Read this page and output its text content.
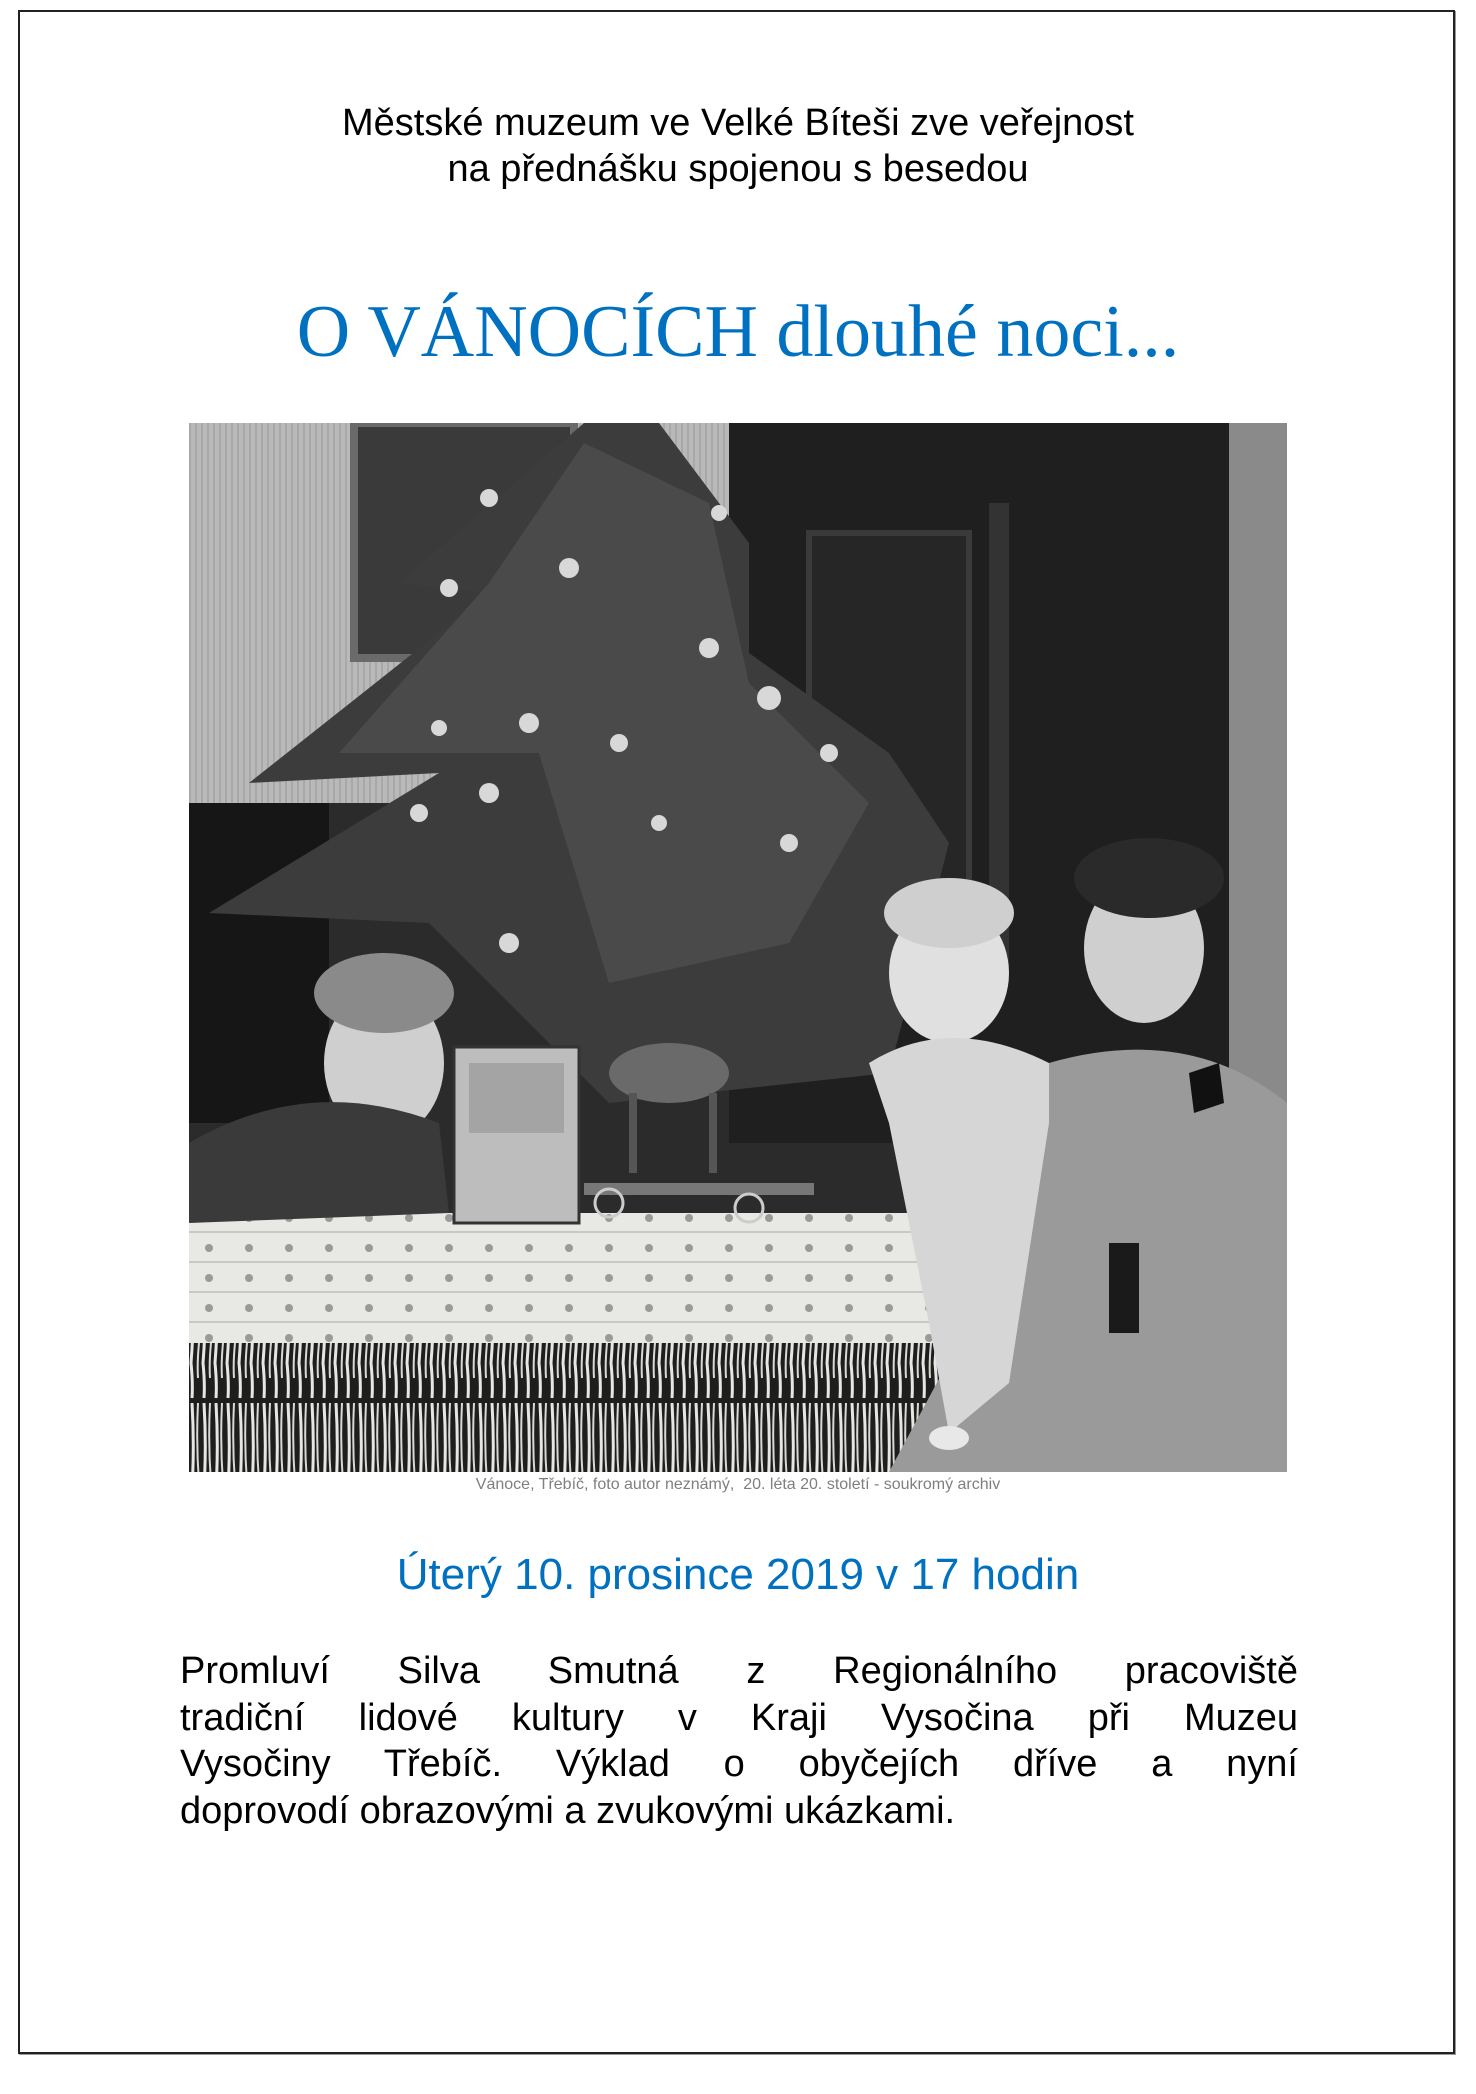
Městské muzeum ve Velké Bíteši zve veřejnost
na přednášku spojenou s besedou
O VÁNOCÍCH dlouhé noci...
Vánoce, Třebíč, foto autor neznámý,  20. léta 20. století - soukromý archiv
Úterý 10. prosince 2019 v 17 hodin
Promluví Silva Smutná z Regionálního pracoviště
tradiční lidové kultury v Kraji Vysočina při Muzeu
Vysočiny Třebíč. Výklad o obyčejích dříve a nyní
doprovodí obrazovými a zvukovými ukázkami.
